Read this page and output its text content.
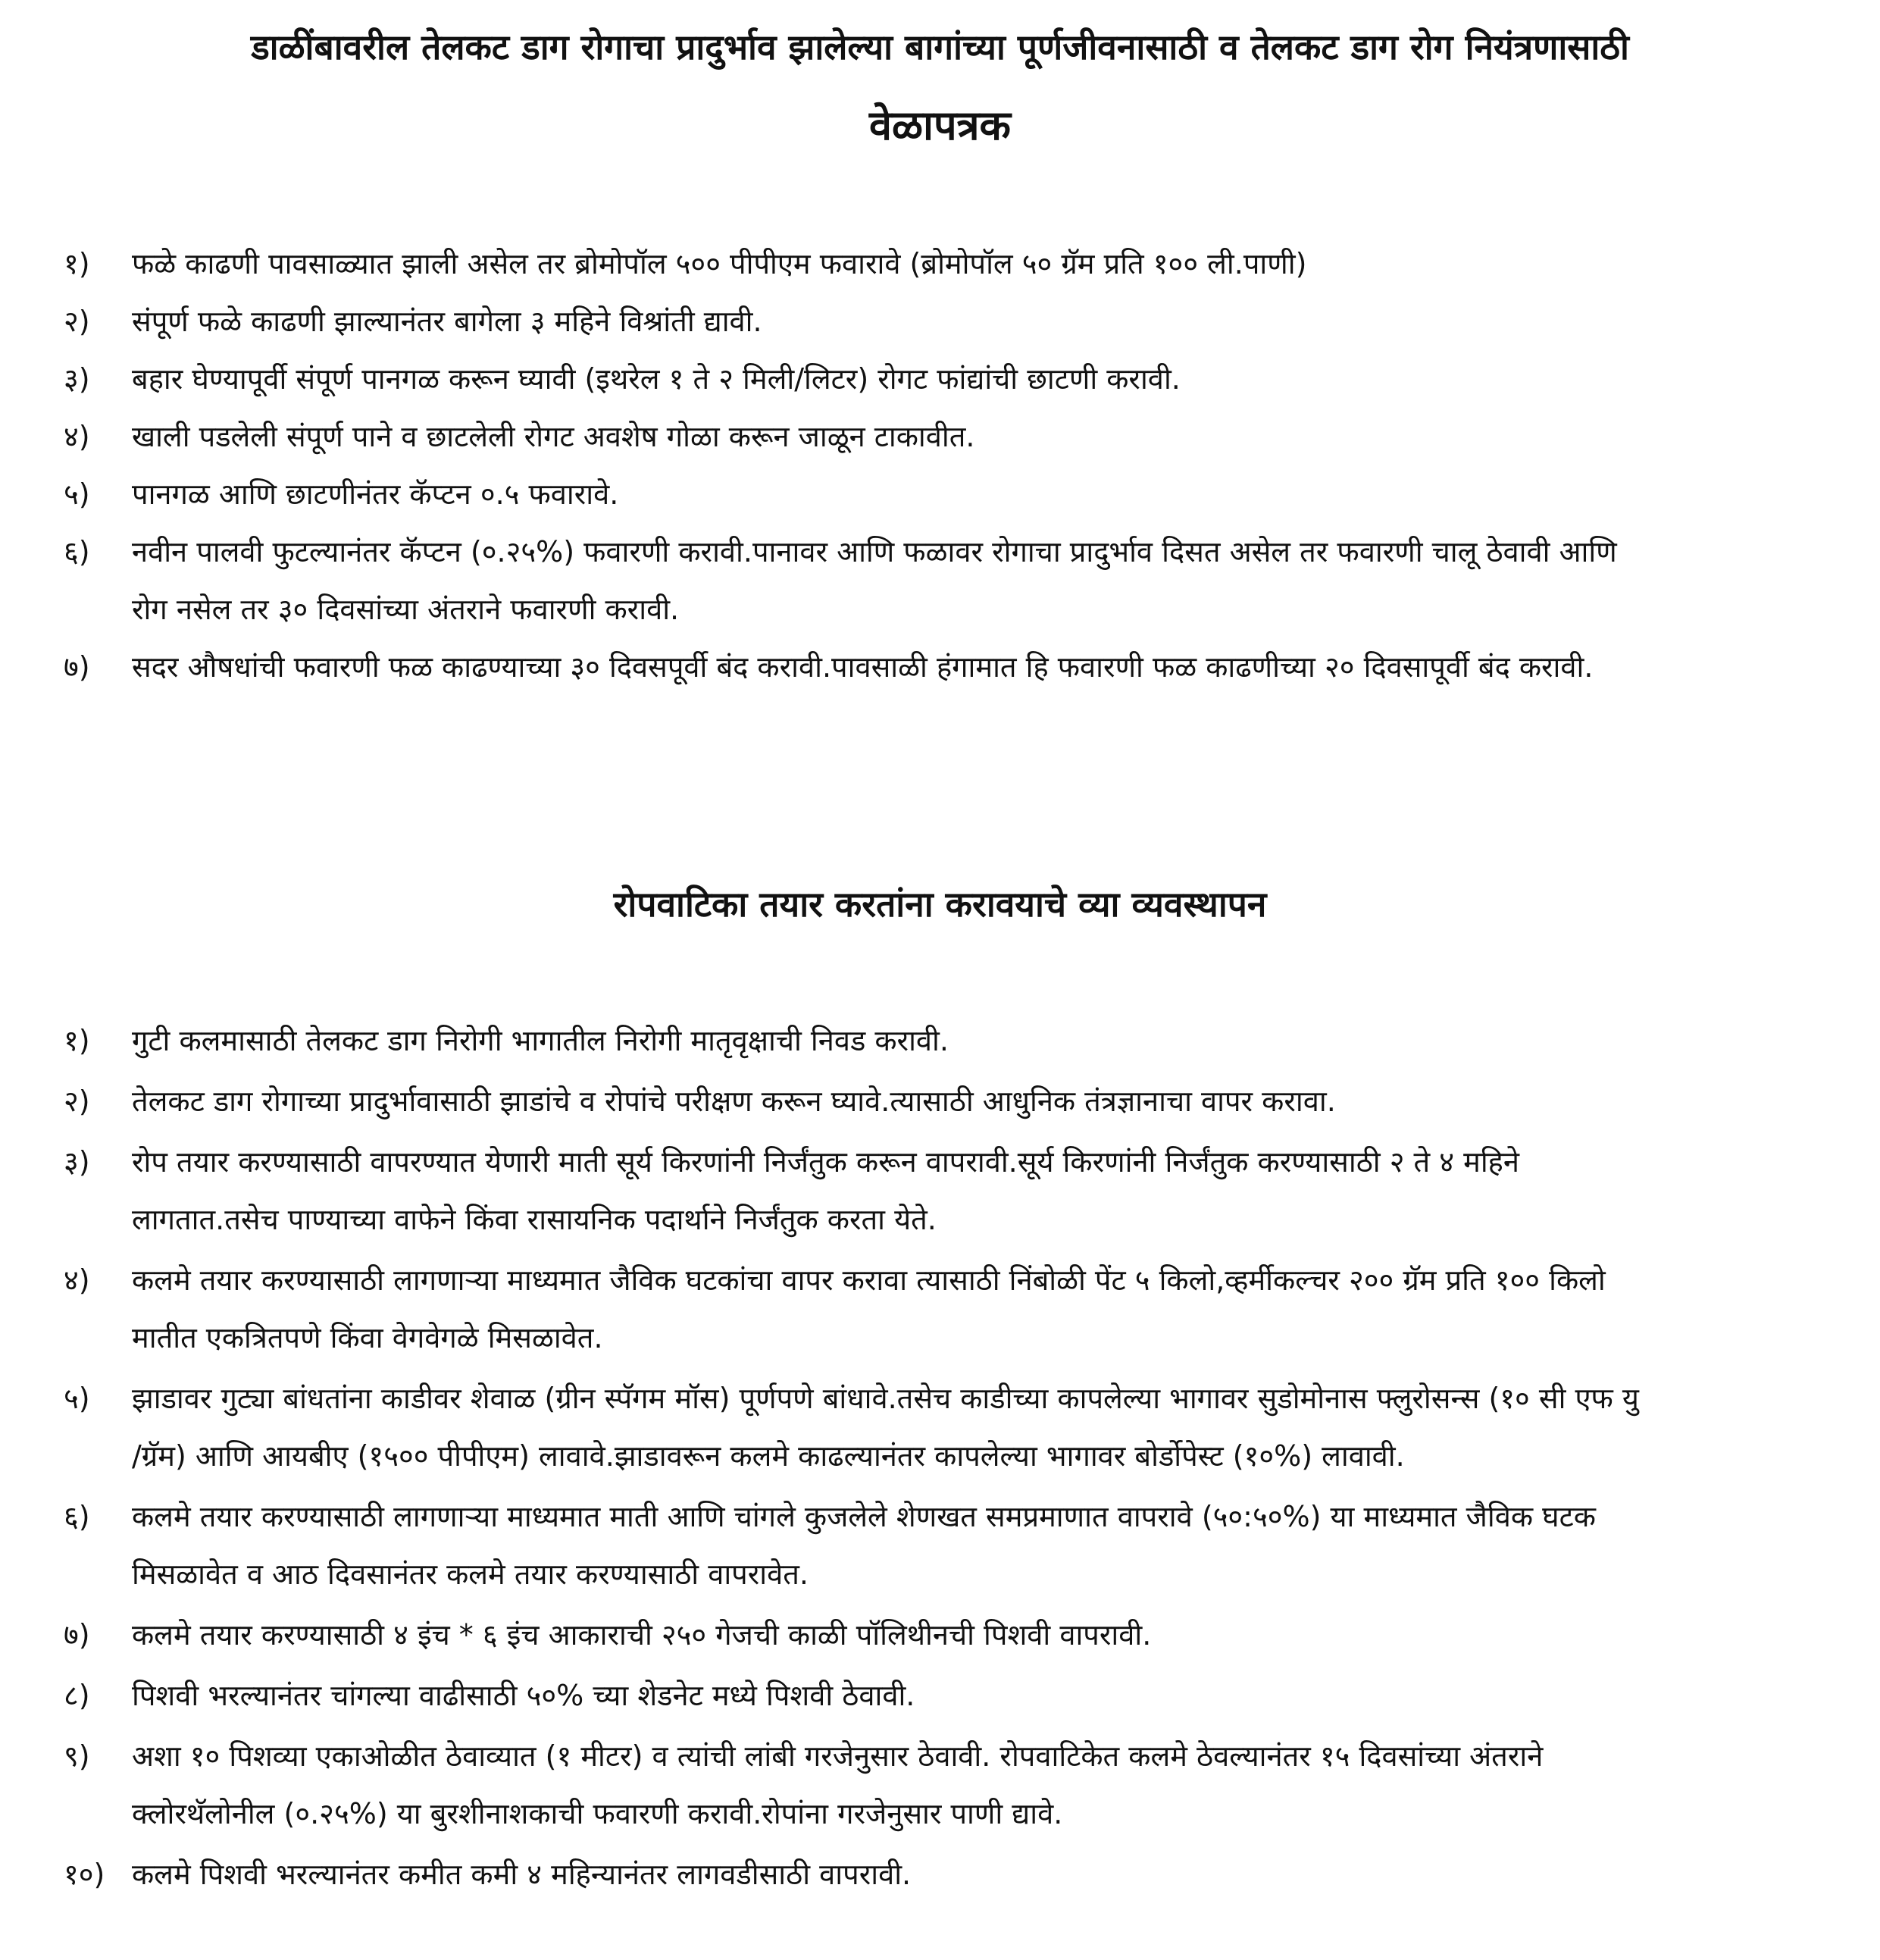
डाळींबावरील तेलकट डाग रोगाचा प्रादुर्भाव झालेल्या बागांच्या पूर्णजीवनासाठी व तेलकट डाग रोग नियंत्रणासाठी
वेळापत्रक
१)	फळे काढणी पावसाळ्यात झाली असेल तर ब्रोमोपॉल ५०० पीपीएम फवारावे (ब्रोमोपॉल ५० ग्रॅम प्रति १०० ली.पाणी)
२)	संपूर्ण फळे काढणी झाल्यानंतर बागेला ३ महिने विश्रांती द्यावी.
३)	बहार घेण्यापूर्वी संपूर्ण पानगळ करून घ्यावी (इथरेल १ ते २ मिली/लिटर) रोगट फांद्यांची छाटणी करावी.
४)	खाली पडलेली संपूर्ण पाने व छाटलेली रोगट अवशेष गोळा करून जाळून टाकावीत.
५)	पानगळ आणि छाटणीनंतर कॅप्टन ०.५ फवारावे.
६)	नवीन पालवी फुटल्यानंतर कॅप्टन (०.२५%) फवारणी करावी.पानावर आणि फळावर रोगाचा प्रादुर्भाव दिसत असेल तर फवारणी चालू ठेवावी आणि रोग नसेल तर ३० दिवसांच्या अंतराने फवारणी करावी.
७)	सदर औषधांची फवारणी फळ काढण्याच्या ३० दिवसपूर्वी बंद करावी.पावसाळी हंगामात हि फवारणी फळ काढणीच्या २० दिवसापूर्वी बंद करावी.
रोपवाटिका तयार करतांना करावयाचे व्या व्यवस्थापन
१)	गुटी कलमासाठी तेलकट डाग निरोगी भागातील निरोगी मातृवृक्षाची निवड करावी.
२)	तेलकट डाग रोगाच्या प्रादुर्भावासाठी झाडांचे व रोपांचे परीक्षण करून घ्यावे.त्यासाठी आधुनिक तंत्रज्ञानाचा वापर करावा.
३)	रोप तयार करण्यासाठी वापरण्यात येणारी माती सूर्य किरणांनी निर्जंतुक करून वापरावी.सूर्य किरणांनी निर्जंतुक करण्यासाठी २ ते ४ महिने लागतात.तसेच पाण्याच्या वाफेने किंवा रासायनिक पदार्थाने निर्जंतुक करता येते.
४)	कलमे तयार करण्यासाठी लागणाऱ्या माध्यमात जैविक घटकांचा वापर करावा त्यासाठी निंबोळी पेंट ५ किलो,व्हर्मीकल्चर २०० ग्रॅम प्रति १०० किलो मातीत एकत्रितपणे किंवा वेगवेगळे मिसळावेत.
५)	झाडावर गुट्या बांधतांना काडीवर शेवाळ (ग्रीन स्पॅगम मॉस) पूर्णपणे बांधावे.तसेच काडीच्या कापलेल्या भागावर सुडोमोनास फ्लुरोसन्स (१० सी एफ यु /ग्रॅम) आणि आयबीए (१५०० पीपीएम) लावावे.झाडावरून कलमे काढल्यानंतर कापलेल्या भागावर बोर्डोपेस्ट (१०%) लावावी.
६)	कलमे तयार करण्यासाठी लागणाऱ्या माध्यमात माती आणि चांगले कुजलेले शेणखत समप्रमाणात वापरावे (५०:५०%) या माध्यमात जैविक घटक मिसळावेत व आठ दिवसानंतर कलमे तयार करण्यासाठी वापरावेत.
७)	कलमे तयार करण्यासाठी ४ इंच * ६ इंच आकाराची २५० गेजची काळी पॉलिथीनची पिशवी वापरावी.
८)	पिशवी भरल्यानंतर चांगल्या वाढीसाठी ५०% च्या शेडनेट मध्ये पिशवी ठेवावी.
९)	अशा १० पिशव्या एकाओळीत ठेवाव्यात (१ मीटर) व त्यांची लांबी गरजेनुसार ठेवावी. रोपवाटिकेत कलमे ठेवल्यानंतर १५ दिवसांच्या अंतराने क्लोरथॅलोनील (०.२५%) या बुरशीनाशकाची फवारणी करावी.रोपांना गरजेनुसार पाणी द्यावे.
१०) कलमे पिशवी भरल्यानंतर कमीत कमी ४ महिन्यानंतर लागवडीसाठी वापरावी.
